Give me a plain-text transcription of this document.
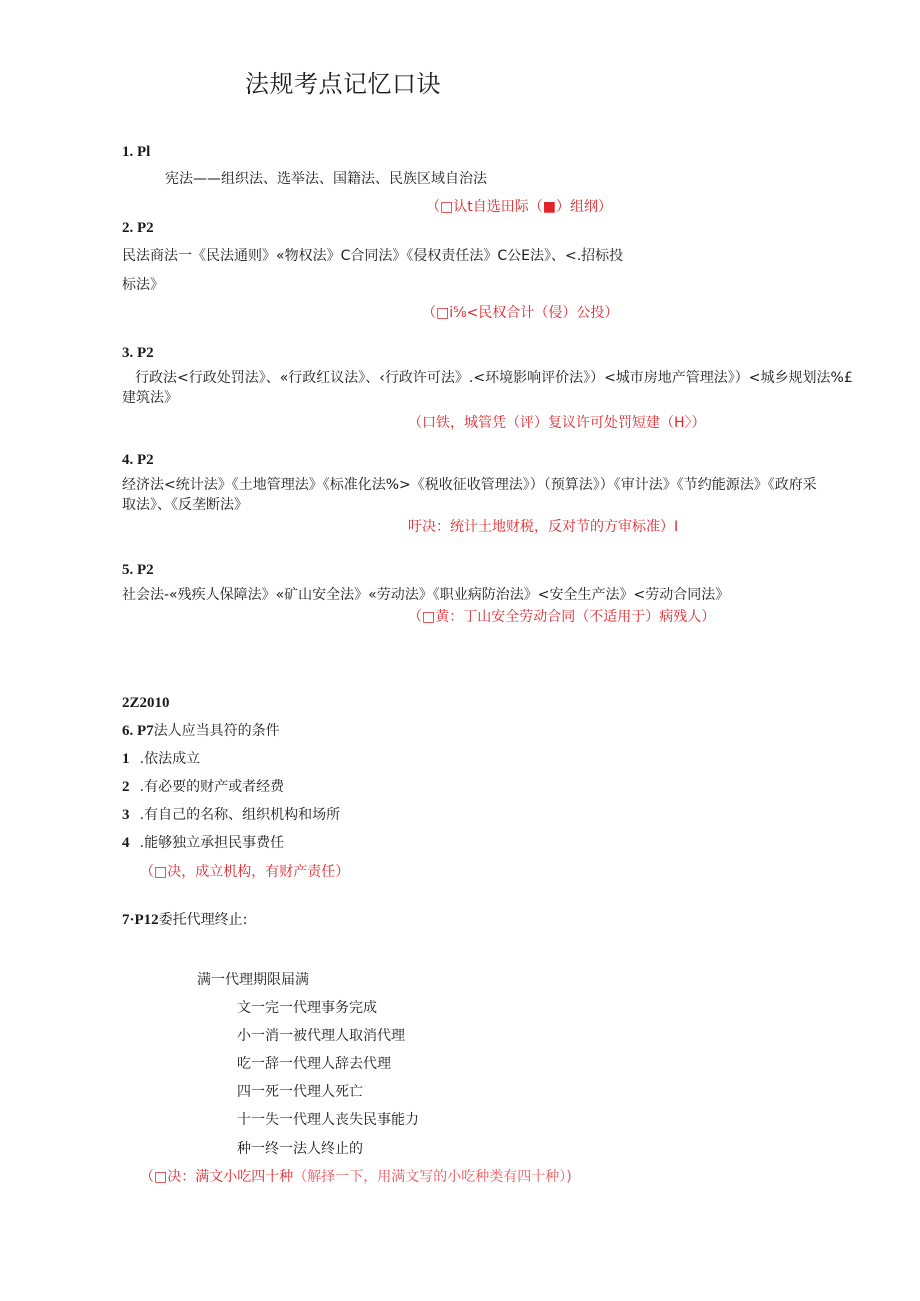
法规考点记忆口诀
1. Pl
宪法——组织法、选举法、国籍法、民族区域自治法
（□认t自选田际（■）组纲）
2. P2
民法商法一《民法通则》«物权法》C合同法》《侵权责任法》C公E法》、<.招标投
标法》
（□i⅝<民权合计（侵）公投）
3. P2
行政法<行政处罚法》、«行政红议法》、‹行政许可法》.<环境影响评价法》）<城市房地产管理法》）<城乡规划法%£
建筑法》
（口铁，城管凭（评）复议许可处罚短建（H〉）
4. P2
经济法<统计法》《土地管理法》《标准化法%>《税收征收管理法》）（预算法》）《审计法》《节约能源法》《政府采
取法》、《反垄断法》
吁决：统计土地财税，反对节的方审标准）I
5. P2
社会法-«残疾人保障法》«矿山安全法》«劳动法》《职业病防治法》<安全生产法》<劳动合同法》
（□黄：丁山安全劳动合同（不适用于）病残人）
2Z2010
6. P7法人应当具符的条件
1 .依法成立
2 .有必要的财产或者经费
3 .有自己的名称、组织机构和场所
4 .能够独立承担民事费任
（□决，成立机构，有财产责任）
7·P12委托代理终止:
满一代理期限届满
文一完一代理事务完成
小一消一被代理人取消代理
吃一辞一代理人辞去代理
四一死一代理人死亡
十一失一代理人丧失民事能力
种一终一法人终止的
（□决：满文小吃四十种（解择一下，用满文写的小吃种类有四十种）)
